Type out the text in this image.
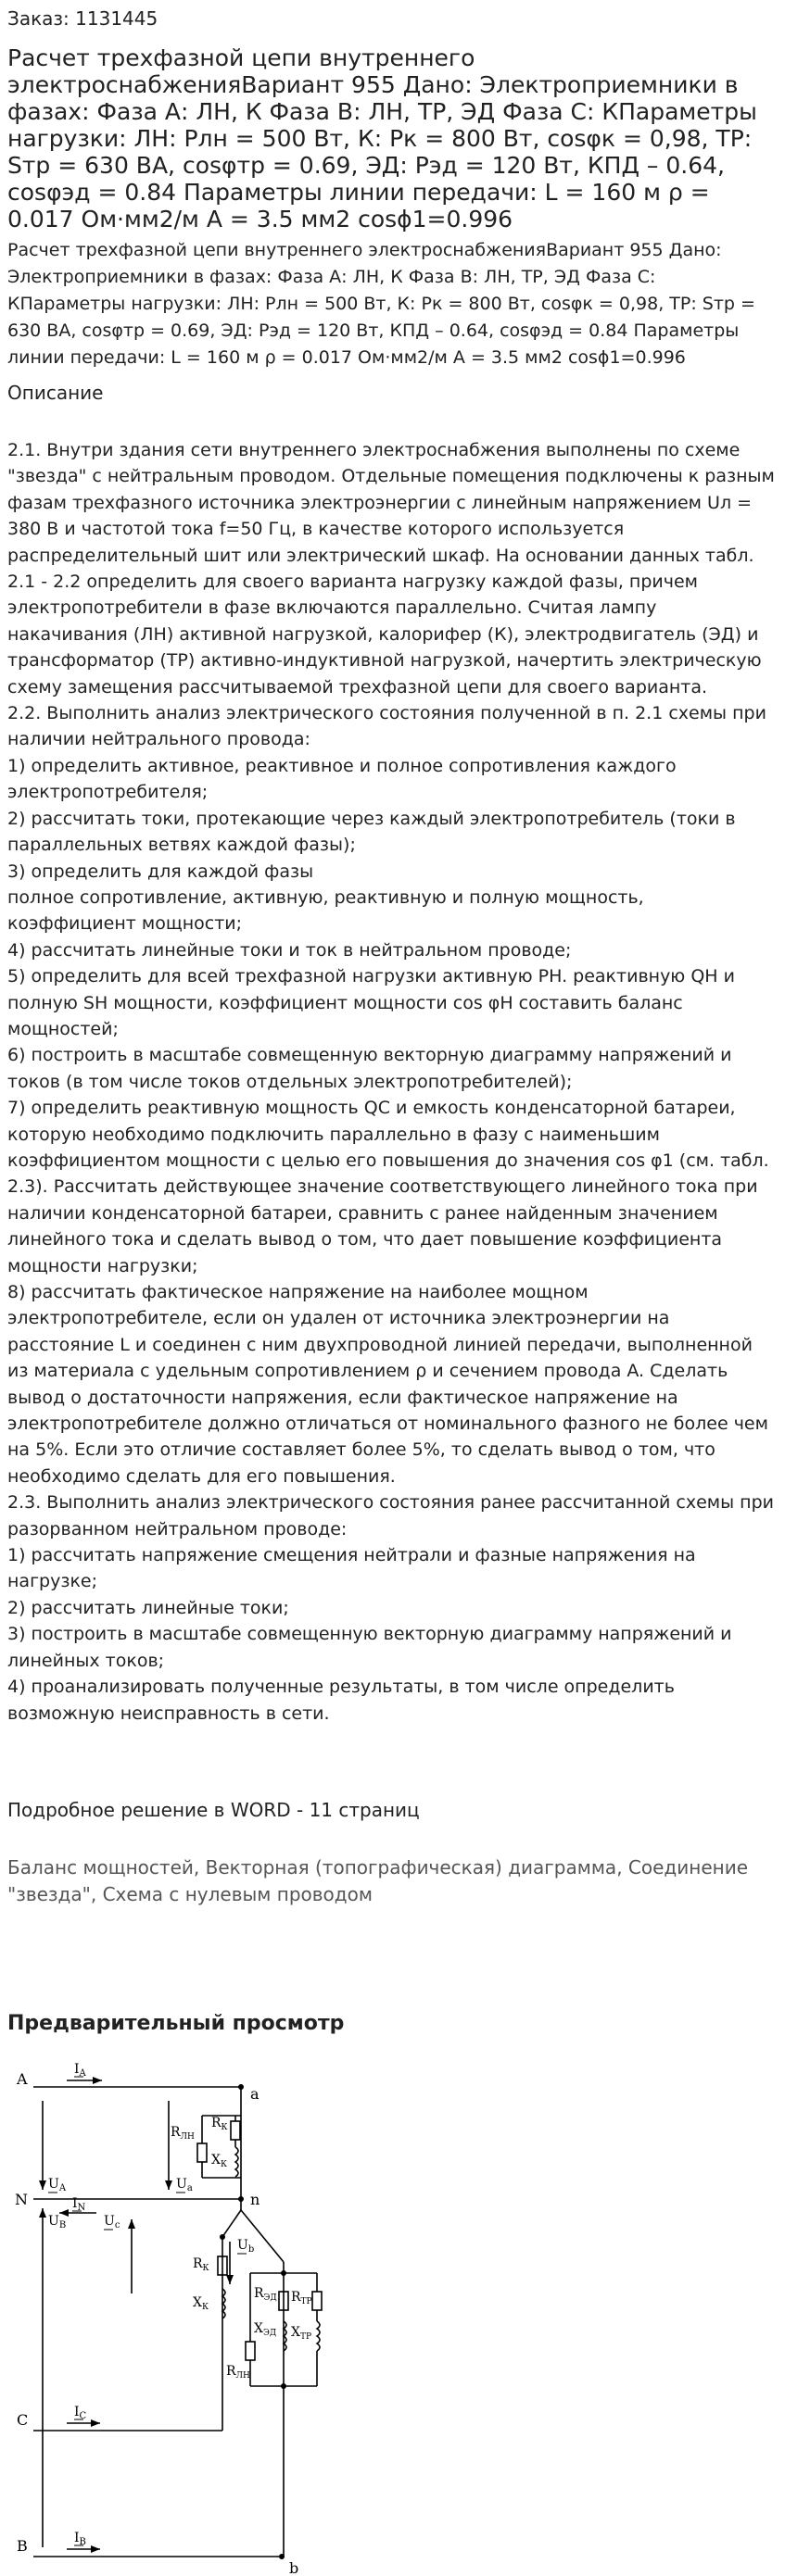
Заказ: 1131445
Расчет трехфазной цепи внутреннего электроснабженияВариант 955 Дано: Электроприемники в фазах: Фаза А: ЛН, К Фаза В: ЛН, ТР, ЭД Фаза С: КПараметры нагрузки: ЛН: Рлн = 500 Вт, К: Рк = 800 Вт, cosφк = 0,98, ТР: Sтр = 630 ВА, cosφтр = 0.69, ЭД: Рэд = 120 Вт, КПД – 0.64, cosφэд = 0.84 Параметры линии передачи: L = 160 м ρ = 0.017 Ом·мм2/м А = 3.5 мм2 cosϕ1=0.996
Расчет трехфазной цепи внутреннего электроснабженияВариант 955 Дано: Электроприемники в фазах: Фаза А: ЛН, К Фаза В: ЛН, ТР, ЭД Фаза С: КПараметры нагрузки: ЛН: Рлн = 500 Вт, К: Рк = 800 Вт, cosφк = 0,98, ТР: Sтр = 630 ВА, cosφтр = 0.69, ЭД: Рэд = 120 Вт, КПД – 0.64, cosφэд = 0.84 Параметры линии передачи: L = 160 м ρ = 0.017 Ом·мм2/м А = 3.5 мм2 cosϕ1=0.996
Описание
2.1. Внутри здания сети внутреннего электроснабжения выполнены по схеме "звезда" с нейтральным проводом. Отдельные помещения подключены к разным фазам трехфазного источника электроэнергии с линейным напряжением Uл = 380 В и частотой тока f=50 Гц, в качестве которого используется распределительный шит или электрический шкаф. На основании данных табл. 2.1 - 2.2 определить для своего варианта нагрузку каждой фазы, причем электропотребители в фазе включаются параллельно. Считая лампу накачивания (ЛН) активной нагрузкой, калорифер (К), электродвигатель (ЭД) и трансформатор (ТР) активно-индуктивной нагрузкой, начертить электрическую схему замещения рассчитываемой трехфазной цепи для своего варианта.
2.2. Выполнить анализ электрического состояния полученной в п. 2.1 схемы при наличии нейтрального провода:
1) определить активное, реактивное и полное сопротивления каждого электропотребителя;
2) рассчитать токи, протекающие через каждый электропотребитель (токи в параллельных ветвях каждой фазы);
3) определить для каждой фазы
полное сопротивление, активную, реактивную и полную мощность, коэффициент мощности;
4) рассчитать линейные токи и ток в нейтральном проводе;
5) определить для всей трехфазной нагрузки активную PH. реактивную QH и полную SH мощности, коэффициент мощности cos φH составить баланс мощностей;
6) построить в масштабе совмещенную векторную диаграмму напряжений и токов (в том числе токов отдельных электропотребителей);
7) определить реактивную мощность QC и емкость конденсаторной батареи, которую необходимо подключить параллельно в фазу с наименьшим коэффициентом мощности с целью его повышения до значения cos φ1 (см. табл. 2.3). Рассчитать действующее значение соответствующего линейного тока при наличии конденсаторной батареи, сравнить с ранее найденным значением линейного тока и сделать вывод о том, что дает повышение коэффициента мощности нагрузки;
8) рассчитать фактическое напряжение на наиболее мощном электропотребителе, если он удален от источника электроэнергии на расстояние L и соединен с ним двухпроводной линией передачи, выполненной из материала с удельным сопротивлением ρ и сечением провода A. Сделать вывод о достаточности напряжения, если фактическое напряжение на электропотребителе должно отличаться от номинального фазного не более чем на 5%. Если это отличие составляет более 5%, то сделать вывод о том, что необходимо сделать для его повышения.
2.3. Выполнить анализ электрического состояния ранее рассчитанной схемы при разорванном нейтральном проводе:
1) рассчитать напряжение смещения нейтрали и фазные напряжения на нагрузке;
2) рассчитать линейные токи;
3) построить в масштабе совмещенную векторную диаграмму напряжений и линейных токов;
4) проанализировать полученные результаты, в том числе определить возможную неисправность в сети.
Подробное решение в WORD - 11 страниц
Баланс мощностей, Векторная (топографическая) диаграмма, Соединение "звезда", Схема с нулевым проводом
Предварительный просмотр
A
N
C
B
a
n
b
$I_A$
$I_N$
$I_C$
$I_B$
$U_A$
$U_B$	$U_c$
$U_a$
$U_b$
$R_{ЛН}$
$R_К$
$X_К$
$R_К$
$X_К$
$R_{ЭД}$
$X_{ЭД}$
$R_{ТР}$
$X_{ТР}$
$R_{ЛН}$
